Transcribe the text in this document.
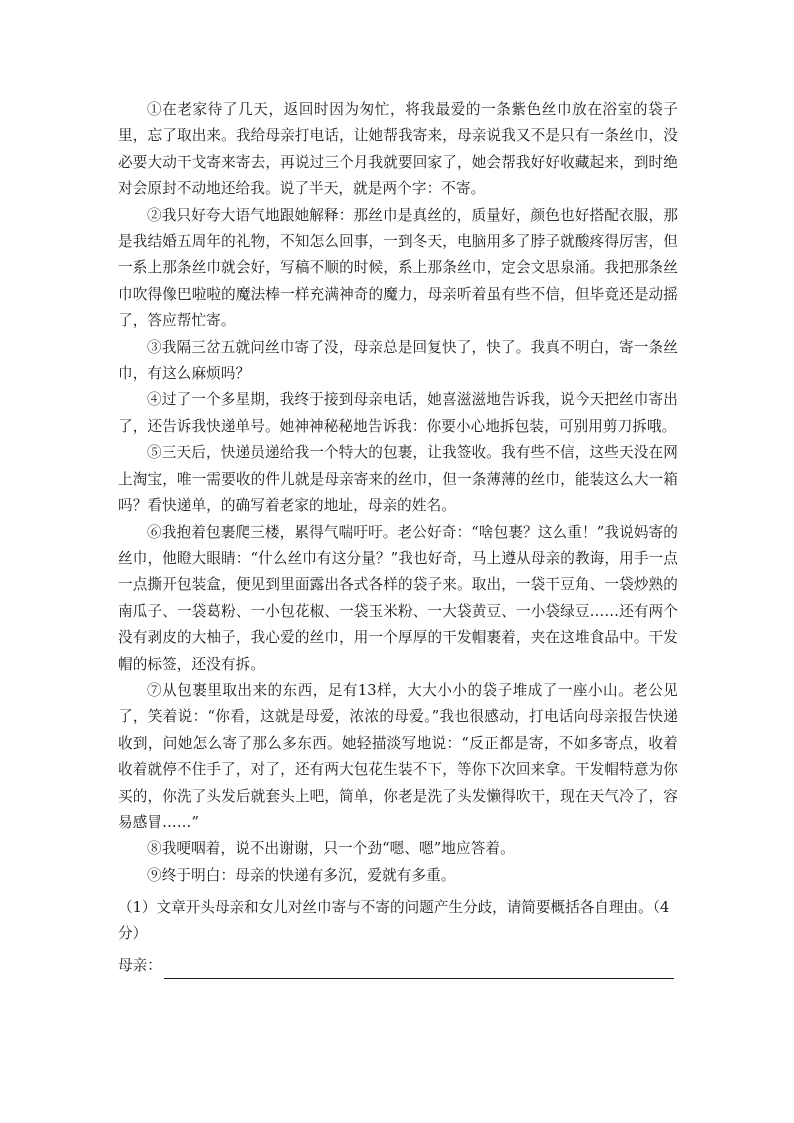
①在老家待了几天，返回时因为匆忙，将我最爱的一条紫色丝巾放在浴室的袋子里，忘了取出来。我给母亲打电话，让她帮我寄来，母亲说我又不是只有一条丝巾，没必要大动干戈寄来寄去，再说过三个月我就要回家了，她会帮我好好收藏起来，到时绝对会原封不动地还给我。说了半天，就是两个字：不寄。

②我只好夸大语气地跟她解释：那丝巾是真丝的，质量好，颜色也好搭配衣服，那是我结婚五周年的礼物，不知怎么回事，一到冬天，电脑用多了脖子就酸疼得厉害，但一系上那条丝巾就会好，写稿不顺的时候，系上那条丝巾，定会文思泉涌。我把那条丝巾吹得像巴啦啦的魔法棒一样充满神奇的魔力，母亲听着虽有些不信，但毕竟还是动摇了，答应帮忙寄。

③我隔三岔五就问丝巾寄了没，母亲总是回复快了，快了。我真不明白，寄一条丝巾，有这么麻烦吗？

④过了一个多星期，我终于接到母亲电话，她喜滋滋地告诉我，说今天把丝巾寄出了，还告诉我快递单号。她神神秘秘地告诉我：你要小心地拆包装，可别用剪刀拆哦。

⑤三天后，快递员递给我一个特大的包裹，让我签收。我有些不信，这些天没在网上淘宝，唯一需要收的件儿就是母亲寄来的丝巾，但一条薄薄的丝巾，能装这么大一箱吗？看快递单，的确写着老家的地址，母亲的姓名。

⑥我抱着包裹爬三楼，累得气喘吁吁。老公好奇：“啥包裹？这么重！”我说妈寄的丝巾，他瞪大眼睛：“什么丝巾有这分量？”我也好奇，马上遵从母亲的教诲，用手一点一点撕开包装盒，便见到里面露出各式各样的袋子来。取出，一袋干豆角、一袋炒熟的南瓜子、一袋葛粉、一小包花椒、一袋玉米粉、一大袋黄豆、一小袋绿豆……还有两个没有剥皮的大柚子，我心爱的丝巾，用一个厚厚的干发帽裹着，夹在这堆食品中。干发帽的标签，还没有拆。

⑦从包裹里取出来的东西，足有13样，大大小小的袋子堆成了一座小山。老公见了，笑着说：“你看，这就是母爱，浓浓的母爱。”我也很感动，打电话向母亲报告快递收到，问她怎么寄了那么多东西。她轻描淡写地说：“反正都是寄，不如多寄点，收着收着就停不住手了，对了，还有两大包花生装不下，等你下次回来拿。干发帽特意为你买的，你洗了头发后就套头上吧，简单，你老是洗了头发懒得吹干，现在天气冷了，容易感冒……”

⑧我哽咽着，说不出谢谢，只一个劲“嗯、嗯”地应答着。

⑨终于明白：母亲的快递有多沉，爱就有多重。

（1）文章开头母亲和女儿对丝巾寄与不寄的问题产生分歧，请简要概括各自理由。（4分）

母亲：
